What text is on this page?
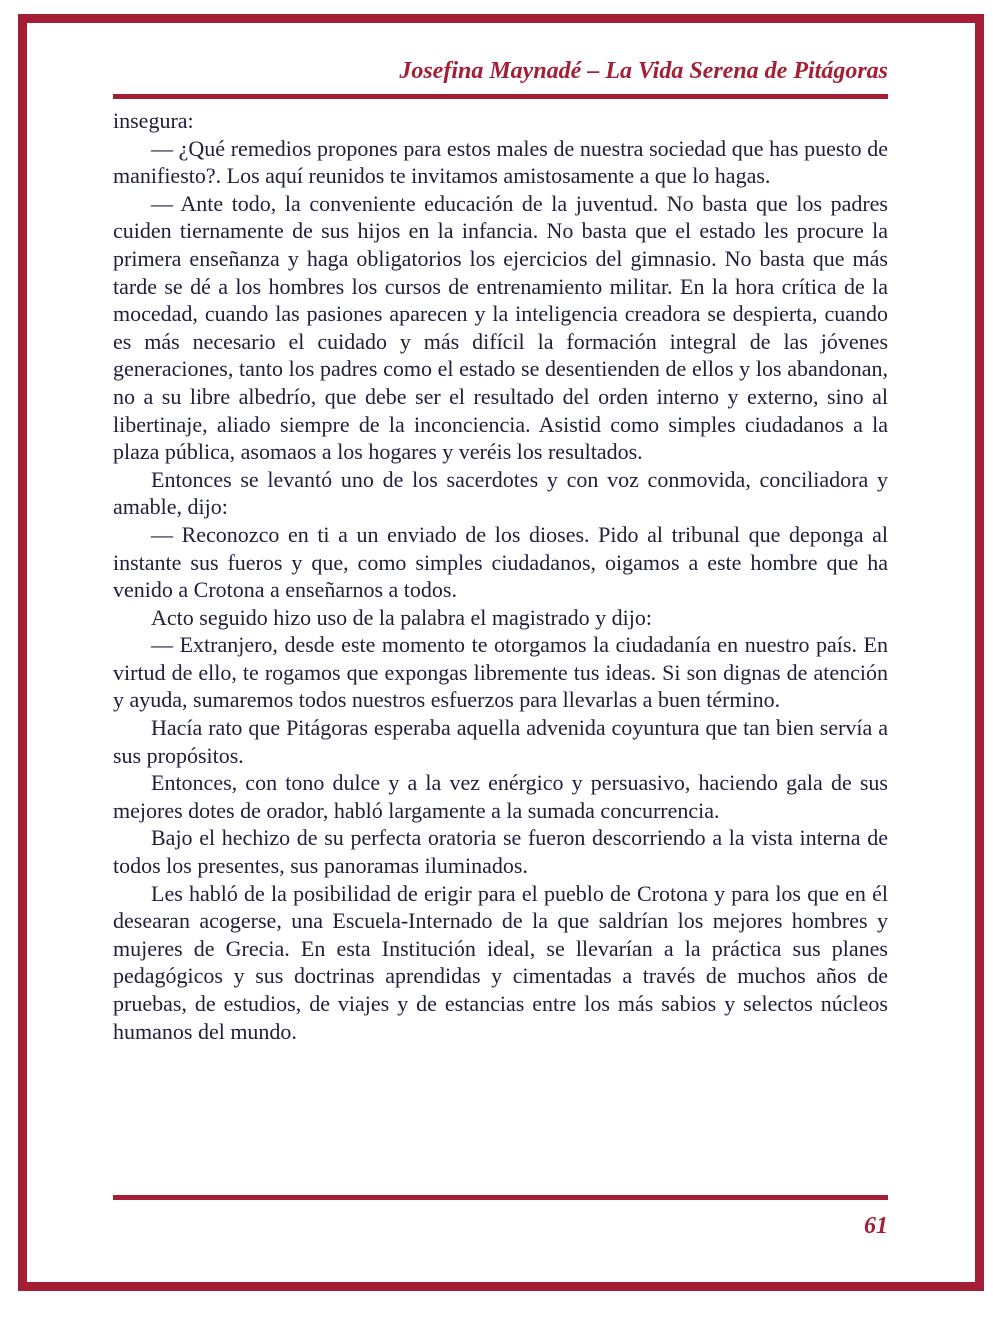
Josefina Maynadé – La Vida Serena de Pitágoras

insegura:

— ¿Qué remedios propones para estos males de nuestra sociedad que has puesto de manifiesto?. Los aquí reunidos te invitamos amistosamente a que lo hagas.

— Ante todo, la conveniente educación de la juventud. No basta que los padres cuiden tiernamente de sus hijos en la infancia. No basta que el estado les procure la primera enseñanza y haga obligatorios los ejercicios del gimnasio. No basta que más tarde se dé a los hombres los cursos de entrenamiento militar. En la hora crítica de la mocedad, cuando las pasiones aparecen y la inteligencia creadora se despierta, cuando es más necesario el cuidado y más difícil la formación integral de las jóvenes generaciones, tanto los padres como el estado se desentienden de ellos y los abandonan, no a su libre albedrío, que debe ser el resultado del orden interno y externo, sino al libertinaje, aliado siempre de la inconciencia. Asistid como simples ciudadanos a la plaza pública, asomaos a los hogares y veréis los resultados.

Entonces se levantó uno de los sacerdotes y con voz conmovida, conciliadora y amable, dijo:

— Reconozco en ti a un enviado de los dioses. Pido al tribunal que deponga al instante sus fueros y que, como simples ciudadanos, oigamos a este hombre que ha venido a Crotona a enseñarnos a todos.

Acto seguido hizo uso de la palabra el magistrado y dijo:

— Extranjero, desde este momento te otorgamos la ciudadanía en nuestro país. En virtud de ello, te rogamos que expongas libremente tus ideas. Si son dignas de atención y ayuda, sumaremos todos nuestros esfuerzos para llevarlas a buen término.

Hacía rato que Pitágoras esperaba aquella advenida coyuntura que tan bien servía a sus propósitos.

Entonces, con tono dulce y a la vez enérgico y persuasivo, haciendo gala de sus mejores dotes de orador, habló largamente a la sumada concurrencia.

Bajo el hechizo de su perfecta oratoria se fueron descorriendo a la vista interna de todos los presentes, sus panoramas iluminados.

Les habló de la posibilidad de erigir para el pueblo de Crotona y para los que en él desearan acogerse, una Escuela-Internado de la que saldrían los mejores hombres y mujeres de Grecia. En esta Institución ideal, se llevarían a la práctica sus planes pedagógicos y sus doctrinas aprendidas y cimentadas a través de muchos años de pruebas, de estudios, de viajes y de estancias entre los más sabios y selectos núcleos humanos del mundo.

61
